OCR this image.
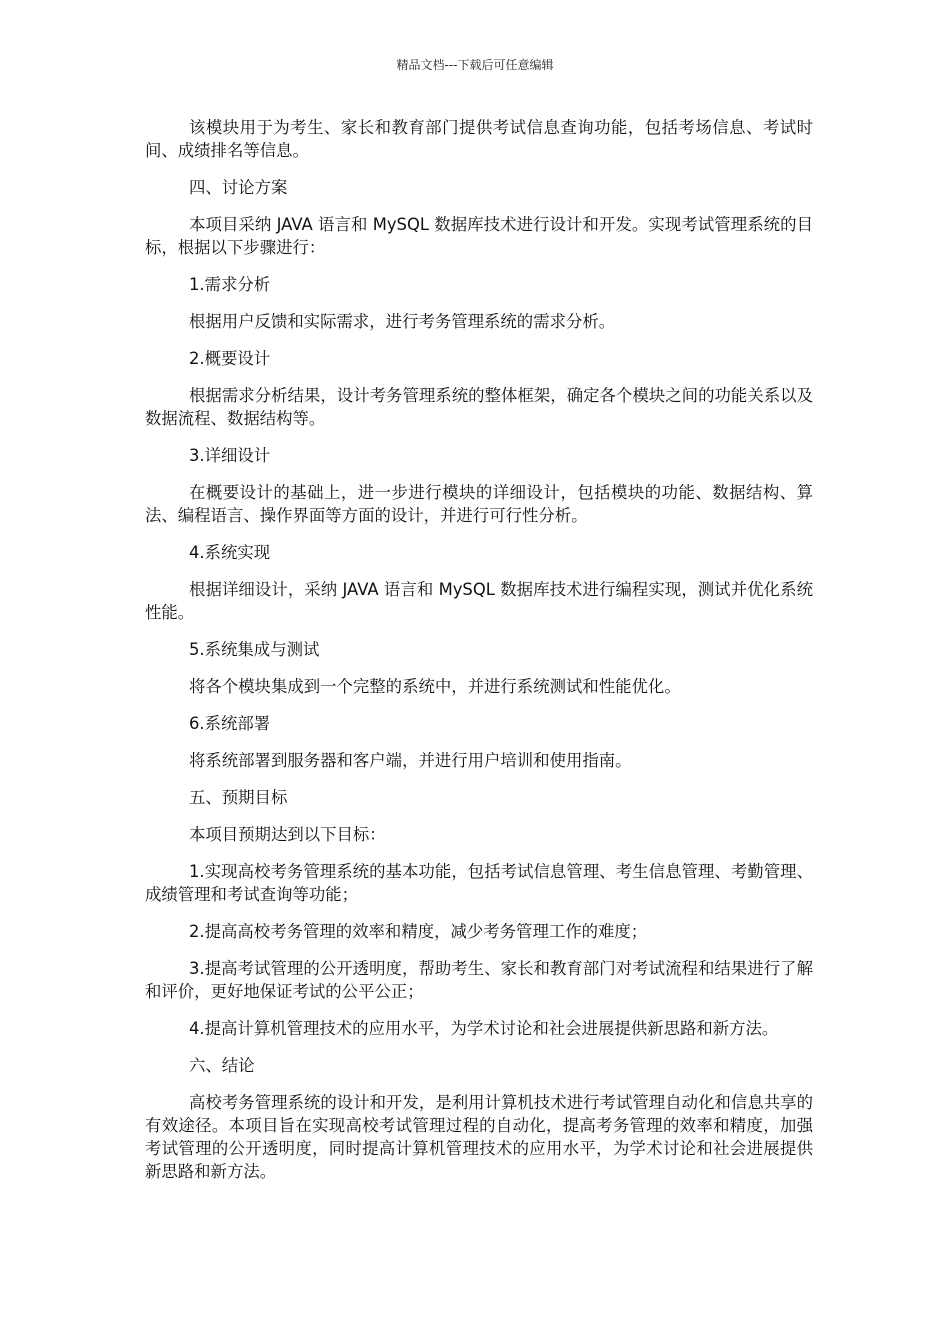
精品文档---下载后可任意编辑

该模块用于为考生、家长和教育部门提供考试信息查询功能，包括考场信息、考试时间、成绩排名等信息。

四、讨论方案

本项目采纳 JAVA 语言和 MySQL 数据库技术进行设计和开发。实现考试管理系统的目标，根据以下步骤进行：

1.需求分析

根据用户反馈和实际需求，进行考务管理系统的需求分析。

2.概要设计

根据需求分析结果，设计考务管理系统的整体框架，确定各个模块之间的功能关系以及数据流程、数据结构等。

3.详细设计

在概要设计的基础上，进一步进行模块的详细设计，包括模块的功能、数据结构、算法、编程语言、操作界面等方面的设计，并进行可行性分析。

4.系统实现

根据详细设计，采纳 JAVA 语言和 MySQL 数据库技术进行编程实现，测试并优化系统性能。

5.系统集成与测试

将各个模块集成到一个完整的系统中，并进行系统测试和性能优化。

6.系统部署

将系统部署到服务器和客户端，并进行用户培训和使用指南。

五、预期目标

本项目预期达到以下目标：

1.实现高校考务管理系统的基本功能，包括考试信息管理、考生信息管理、考勤管理、成绩管理和考试查询等功能；

2.提高高校考务管理的效率和精度，减少考务管理工作的难度；

3.提高考试管理的公开透明度，帮助考生、家长和教育部门对考试流程和结果进行了解和评价，更好地保证考试的公平公正；

4.提高计算机管理技术的应用水平，为学术讨论和社会进展提供新思路和新方法。

六、结论

高校考务管理系统的设计和开发，是利用计算机技术进行考试管理自动化和信息共享的有效途径。本项目旨在实现高校考试管理过程的自动化，提高考务管理的效率和精度，加强考试管理的公开透明度，同时提高计算机管理技术的应用水平，为学术讨论和社会进展提供新思路和新方法。
